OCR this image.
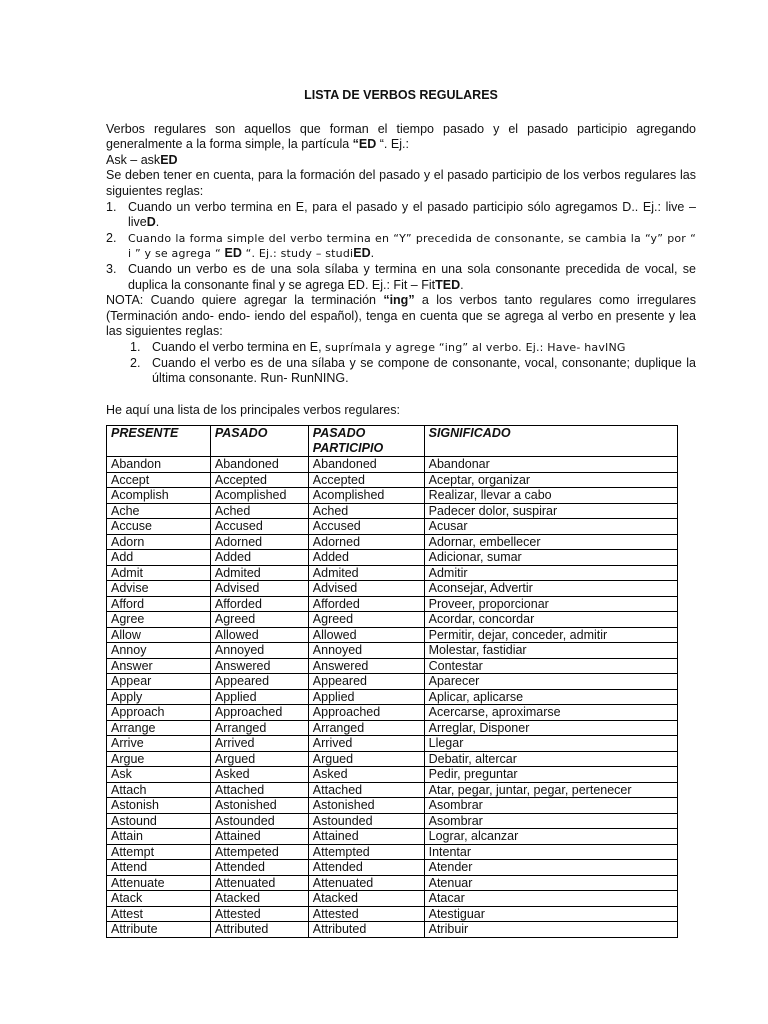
LISTA DE VERBOS REGULARES

Verbos regulares son aquellos que forman el tiempo pasado y el pasado participio agregando generalmente a la forma simple, la partícula “ED “. Ej.:

Ask – askED

Se deben tener en cuenta, para la formación del pasado y el pasado participio de los verbos regulares las siguientes reglas:

1. Cuando un verbo termina en E, para el pasado y el pasado participio sólo agregamos D.. Ej.: live – liveD.
2. Cuando la forma simple del verbo termina en “Y” precedida de consonante, se cambia la “y” por “ i ” y se agrega “ ED “. Ej.: study – studiED.
3. Cuando un verbo es de una sola sílaba y termina en una sola consonante precedida de vocal, se duplica la consonante final y se agrega ED. Ej.: Fit – FitTED.

NOTA: Cuando quiere agregar la terminación “ing” a los verbos tanto regulares como irregulares (Terminación ando- endo- iendo del español), tenga en cuenta que se agrega al verbo en presente y lea las siguientes reglas:

1. Cuando el verbo termina en E, suprímala y agrege “ing” al verbo. Ej.: Have- havING
2. Cuando el verbo es de una sílaba y se compone de consonante, vocal, consonante; duplique la última consonante. Run- RunNING.

He aquí una lista de los principales verbos regulares:

PRESENTE	PASADO	PASADO PARTICIPIO	SIGNIFICADO
Abandon	Abandoned	Abandoned	Abandonar
Accept	Accepted	Accepted	Aceptar, organizar
Acomplish	Acomplished	Acomplished	Realizar, llevar a cabo
Ache	Ached	Ached	Padecer dolor, suspirar
Accuse	Accused	Accused	Acusar
Adorn	Adorned	Adorned	Adornar, embellecer
Add	Added	Added	Adicionar, sumar
Admit	Admited	Admited	Admitir
Advise	Advised	Advised	Aconsejar, Advertir
Afford	Afforded	Afforded	Proveer, proporcionar
Agree	Agreed	Agreed	Acordar, concordar
Allow	Allowed	Allowed	Permitir, dejar, conceder, admitir
Annoy	Annoyed	Annoyed	Molestar, fastidiar
Answer	Answered	Answered	Contestar
Appear	Appeared	Appeared	Aparecer
Apply	Applied	Applied	Aplicar, aplicarse
Approach	Approached	Approached	Acercarse, aproximarse
Arrange	Arranged	Arranged	Arreglar, Disponer
Arrive	Arrived	Arrived	Llegar
Argue	Argued	Argued	Debatir, altercar
Ask	Asked	Asked	Pedir, preguntar
Attach	Attached	Attached	Atar, pegar, juntar, pegar, pertenecer
Astonish	Astonished	Astonished	Asombrar
Astound	Astounded	Astounded	Asombrar
Attain	Attained	Attained	Lograr, alcanzar
Attempt	Attempeted	Attempted	Intentar
Attend	Attended	Attended	Atender
Attenuate	Attenuated	Attenuated	Atenuar
Atack	Atacked	Atacked	Atacar
Attest	Attested	Attested	Atestiguar
Attribute	Attributed	Attributed	Atribuir
